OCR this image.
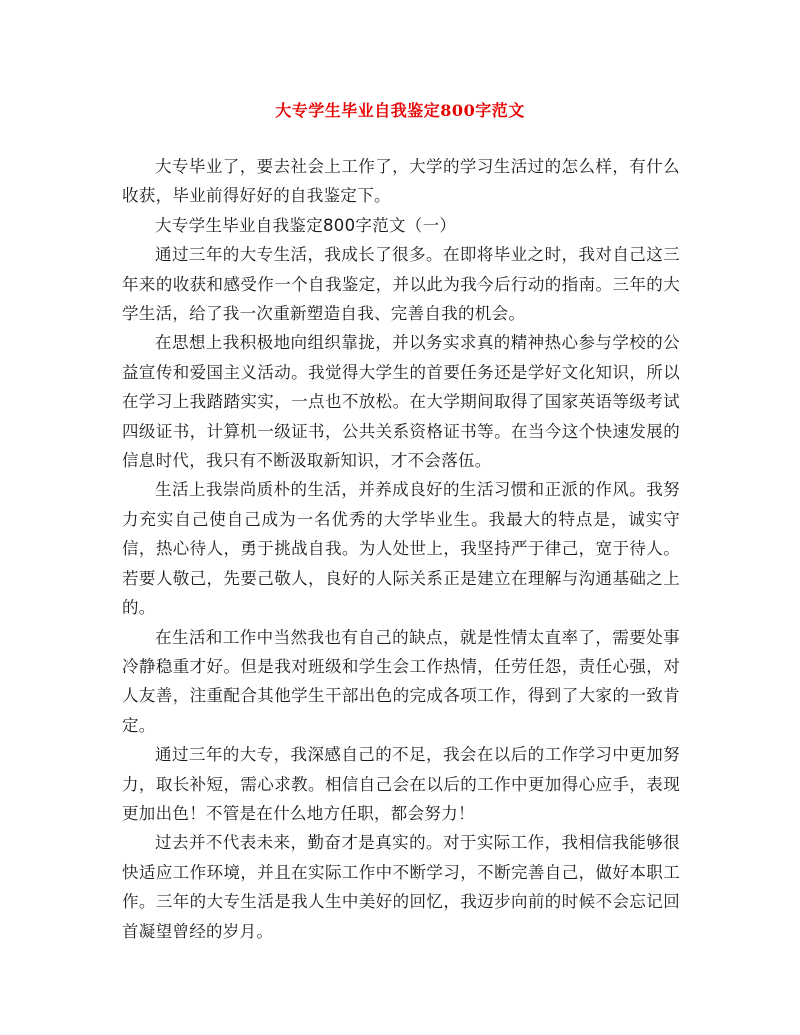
大专学生毕业自我鉴定800字范文

大专毕业了，要去社会上工作了，大学的学习生活过的怎么样，有什么收获，毕业前得好好的自我鉴定下。

大专学生毕业自我鉴定800字范文（一）

通过三年的大专生活，我成长了很多。在即将毕业之时，我对自己这三年来的收获和感受作一个自我鉴定，并以此为我今后行动的指南。三年的大学生活，给了我一次重新塑造自我、完善自我的机会。

在思想上我积极地向组织靠拢，并以务实求真的精神热心参与学校的公益宣传和爱国主义活动。我觉得大学生的首要任务还是学好文化知识，所以在学习上我踏踏实实，一点也不放松。在大学期间取得了国家英语等级考试四级证书，计算机一级证书，公共关系资格证书等。在当今这个快速发展的信息时代，我只有不断汲取新知识，才不会落伍。

生活上我崇尚质朴的生活，并养成良好的生活习惯和正派的作风。我努力充实自己使自己成为一名优秀的大学毕业生。我最大的特点是，诚实守信，热心待人，勇于挑战自我。为人处世上，我坚持严于律己，宽于待人。若要人敬己，先要己敬人，良好的人际关系正是建立在理解与沟通基础之上的。

在生活和工作中当然我也有自己的缺点，就是性情太直率了，需要处事冷静稳重才好。但是我对班级和学生会工作热情，任劳任怨，责任心强，对人友善，注重配合其他学生干部出色的完成各项工作，得到了大家的一致肯定。

通过三年的大专，我深感自己的不足，我会在以后的工作学习中更加努力，取长补短，需心求教。相信自己会在以后的工作中更加得心应手，表现更加出色！不管是在什么地方任职，都会努力！

过去并不代表未来，勤奋才是真实的。对于实际工作，我相信我能够很快适应工作环境，并且在实际工作中不断学习，不断完善自己，做好本职工作。三年的大专生活是我人生中美好的回忆，我迈步向前的时候不会忘记回首凝望曾经的岁月。
